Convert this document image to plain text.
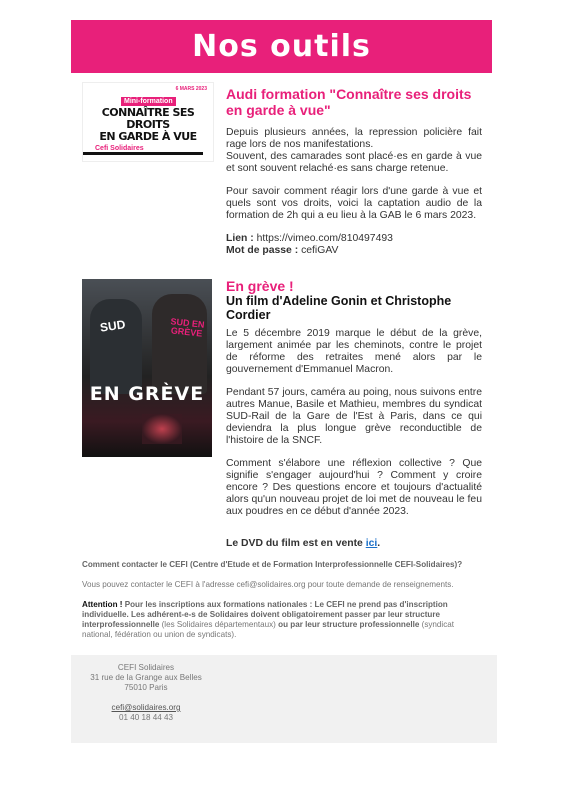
Nos outils
6 MARS 2023
Mini-formation
CONNAÎTRE SES DROITS
EN GARDE À VUE
Cefi Solidaires

Audi formation "Connaître ses droits en garde à vue"

Depuis plusieurs années, la repression policière fait rage lors de nos manifestations.

Souvent, des camarades sont placé·es en garde à vue et sont souvent relaché·es sans charge retenue.

Pour savoir comment réagir lors d'une garde à vue et quels sont vos droits, voici la captation audio de la formation de 2h qui a eu lieu à la GAB le 6 mars 2023.

Lien : https://vimeo.com/810497493
Mot de passe : cefiGAV
SUD	SUD EN GRÈVE
EN GRÈVE

En grève !

Un film d'Adeline Gonin et Christophe Cordier

Le 5 décembre 2019 marque le début de la grève, largement animée par les cheminots, contre le projet de réforme des retraites mené alors par le gouvernement d'Emmanuel Macron.

Pendant 57 jours, caméra au poing, nous suivons entre autres Manue, Basile et Mathieu, membres du syndicat SUD-Rail de la Gare de l'Est à Paris, dans ce qui deviendra la plus longue grève reconductible de l'histoire de la SNCF.

Comment s'élabore une réflexion collective ? Que signifie s'engager aujourd'hui ? Comment y croire encore ? Des questions encore et toujours d'actualité alors qu'un nouveau projet de loi met de nouveau le feu aux poudres en ce début d'année 2023.

Le DVD du film est en vente ici.
Comment contacter le CEFI (Centre d'Etude et de Formation Interprofessionnelle CEFI-Solidaires)?
Vous pouvez contacter le CEFI à l'adresse cefi@solidaires.org pour toute demande de renseignements.
Attention ! Pour les inscriptions aux formations nationales : Le CEFI ne prend pas d'inscription individuelle. Les adhérent-e-s de Solidaires doivent obligatoirement passer par leur structure interprofessionnelle (les Solidaires départementaux) ou par leur structure professionnelle (syndicat national, fédération ou union de syndicats).
CEFI Solidaires
31 rue de la Grange aux Belles
75010 Paris
cefi@solidaires.org
01 40 18 44 43
